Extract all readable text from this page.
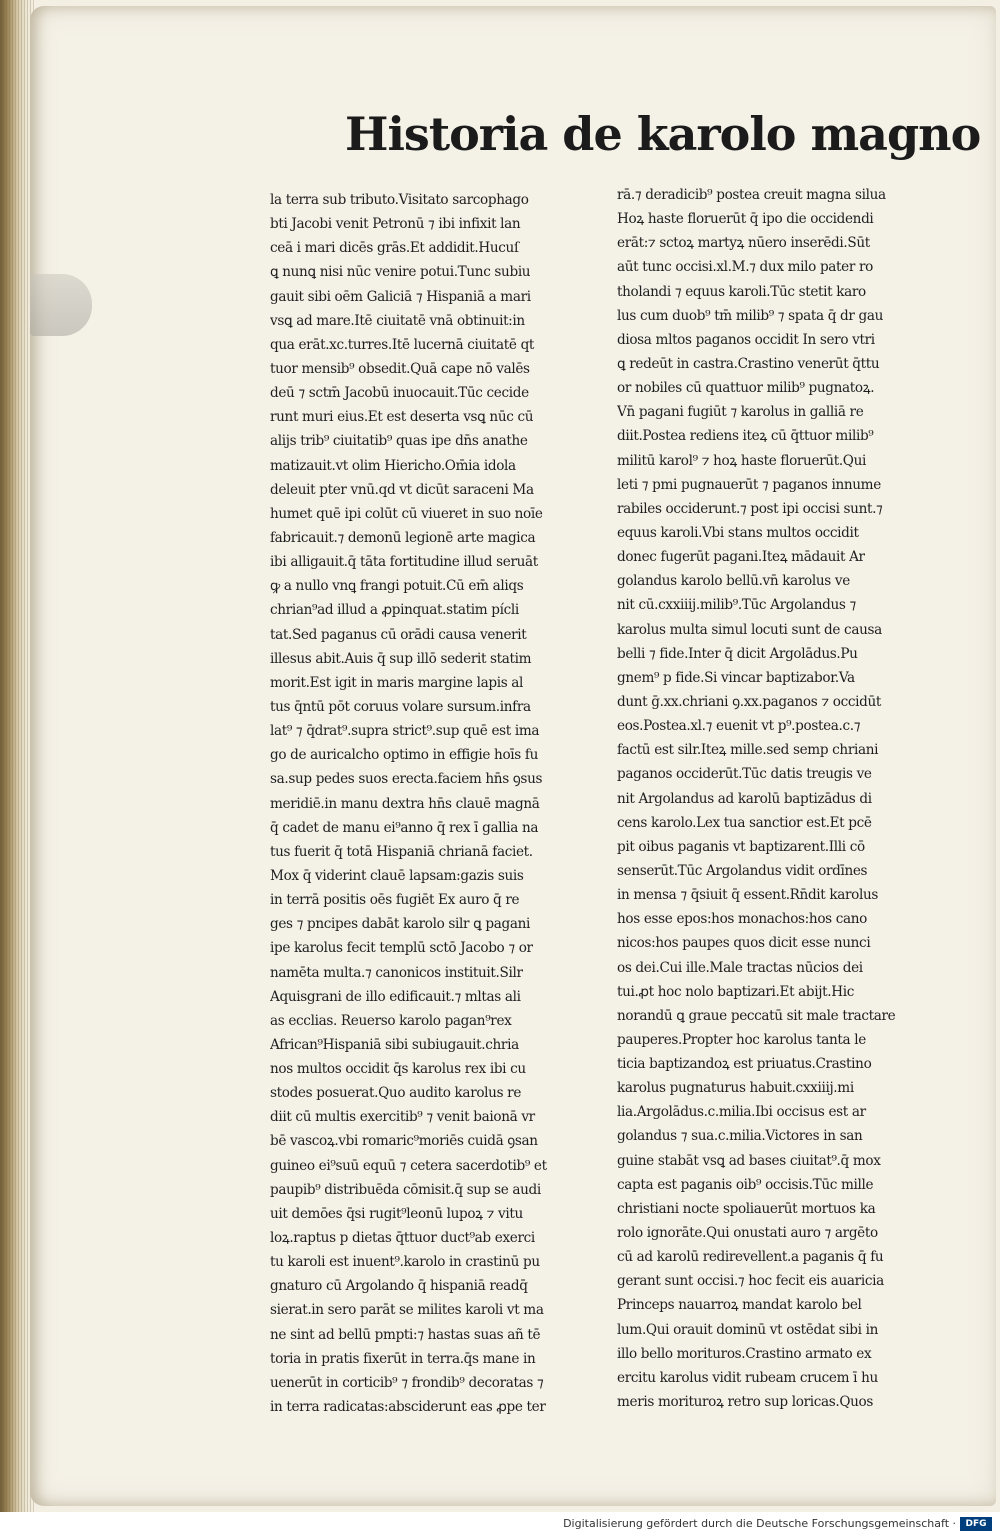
Historia de karolo magno
la terra sub tributo.Visitato sarcophago
bti Jacobi venit Petronū ⁊ ibi infixit lan
ceā i mari dicēs grās.Et addidit.Hucuſ
ꝗ nunꝗ nisi nūc venire potui.Tunc subiu
gauit sibi oēm Galiciā ⁊ Hispaniā a mari
vsꝗ ad mare.Itē ciuitatē vnā obtinuit:in
qua erāt.xc.turres.Itē lucernā ciuitatē qt
tuor mensib⁹ obsedit.Quā cape nō valēs
deū ⁊ sctm̄ Jacobū inuocauit.Tūc cecide
runt muri eius.Et est deserta vsꝗ nūc cū
alijs trib⁹ ciuitatib⁹ quas ipe dn̄s anathe
matizauit.vt olim Hiericho.Om̄ia idola
deleuit pter vnū.qd vt dicūt saraceni Ma
humet quē ipi colūt cū viueret in suo noīe
fabricauit.⁊ demonū legionē arte magica
ibi alligauit.q̄ tāta fortitudine illud seruāt
ꝙ a nullo vnꝗ frangi potuit.Cū em̄ aliqs
chrian⁹ad illud a ꝓpinquat.statim pícli
tat.Sed paganus cū orādi causa venerit
illesus abit.Auis q̄ sup illō sederit statim
morit.Est igit in maris margine lapis al
tus q̄ntū pōt coruus volare sursum.infra
lat⁹ ⁊ q̄drat⁹.supra strict⁹.sup quē est ima
go de auricalcho optimo in effigie hoīs fu
sa.sup pedes suos erecta.faciem hn̄s ꝯsus
meridiē.in manu dextra hn̄s clauē magnā
q̄ cadet de manu ei⁹anno q̄ rex ī gallia na
tus fuerit q̄ totā Hispaniā chrianā faciet.
Mox q̄ viderint clauē lapsam:gazis suis
in terrā positis oēs fugiēt Ex auro q̄ re
ges ⁊ pncipes dabāt karolo silr ꝗ pagani
ipe karolus fecit templū sctō Jacobo ⁊ or
namēta multa.⁊ canonicos instituit.Silr
Aquisgrani de illo edificauit.⁊ mltas ali
as ecclias. Reuerso karolo pagan⁹rex
African⁹Hispaniā sibi subiugauit.chria
nos multos occidit q̄s karolus rex ibi cu
stodes posuerat.Quo audito karolus re
diit cū multis exercitib⁹ ⁊ venit baionā vr
bē vascoꝝ.vbi romaric⁹moriēs cuidā ꝯsan
guineo ei⁹suū equū ⁊ cetera sacerdotib⁹ et
paupib⁹ distribuēda cōmisit.q̄ sup se audi
uit demōes q̄si rugit⁹leonū lupoꝝ ⁊ vitu
loꝝ.raptus p dietas q̄ttuor duct⁹ab exerci
tu karoli est inuent⁹.karolo in crastinū pu
gnaturo cū Argolando q̄ hispaniā readq̄
sierat.in sero parāt se milites karoli vt ma
ne sint ad bellū pmpti:⁊ hastas suas añ tē
toria in pratis fixerūt in terra.q̄s mane in
uenerūt in corticib⁹ ⁊ frondib⁹ decoratas ⁊
in terra radicatas:absciderunt eas ꝓpe ter
rā.⁊ deradicib⁹ postea creuit magna silua
Hoꝝ haste floruerūt q̄ ipo die occidendi
erāt:⁊ sctoꝝ martyꝝ nūero inserēdi.Sūt
aūt tunc occisi.xl.M.⁊ dux milo pater ro
tholandi ⁊ equus karoli.Tūc stetit karo
lus cum duob⁹ tm̄ milib⁹ ⁊ spata q̄ dr gau
diosa mltos paganos occidit In sero vtri
ꝗ redeūt in castra.Crastino venerūt q̄ttu
or nobiles cū quattuor milib⁹ pugnatoꝝ.
Vn̄ pagani fugiūt ⁊ karolus in galliā re
diit.Postea rediens iteꝝ cū q̄ttuor milib⁹
militū karol⁹ ⁊ hoꝝ haste floruerūt.Qui
leti ⁊ pmi pugnauerūt ⁊ paganos innume
rabiles occiderunt.⁊ post ipi occisi sunt.⁊
equus karoli.Vbi stans multos occidit
donec fugerūt pagani.Iteꝝ mādauit Ar
golandus karolo bellū.vn̄ karolus ve
nit cū.cxxiiij.milib⁹.Tūc Argolandus ⁊
karolus multa simul locuti sunt de causa
belli ⁊ fide.Inter q̄ dicit Argolādus.Pu
gnem⁹ p fide.Si vincar baptizabor.Va
dunt ḡ.xx.chriani ꝯ.xx.paganos ⁊ occidūt
eos.Postea.xl.⁊ euenit vt p⁹.postea.c.⁊
factū est silr.Iteꝝ mille.sed semp chriani
paganos occiderūt.Tūc datis treugis ve
nit Argolandus ad karolū baptizādus di
cens karolo.Lex tua sanctior est.Et pcē
pit oibus paganis vt baptizarent.Illi cō
senserūt.Tūc Argolandus vidit ordīnes
in mensa ⁊ q̄siuit q̄ essent.Rn̄dit karolus
hos esse epos:hos monachos:hos cano
nicos:hos paupes quos dicit esse nunci
os dei.Cui ille.Male tractas nūcios dei
tui.ꝓt hoc nolo baptizari.Et abijt.Hic
norandū ꝗ graue peccatū sit male tractare
pauperes.Propter hoc karolus tanta le
ticia baptizandoꝝ est priuatus.Crastino
karolus pugnaturus habuit.cxxiiij.mi
lia.Argolādus.c.milia.Ibi occisus est ar
golandus ⁊ sua.c.milia.Victores in san
guine stabāt vsꝗ ad bases ciuitat⁹.q̄ mox
capta est paganis oib⁹ occisis.Tūc mille
christiani nocte spoliauerūt mortuos ka
rolo ignorāte.Qui onustati auro ⁊ argēto
cū ad karolū redirevellent.a paganis q̄ fu
gerant sunt occisi.⁊ hoc fecit eis auaricia
Princeps nauarroꝝ mandat karolo bel
lum.Qui orauit dominū vt ostēdat sibi in
illo bello morituros.Crastino armato ex
ercitu karolus vidit rubeam crucem ī hu
meris morituroꝝ retro sup loricas.Quos
Digitalisierung gefördert durch die Deutsche Forschungsgemeinschaft ·	DFG
